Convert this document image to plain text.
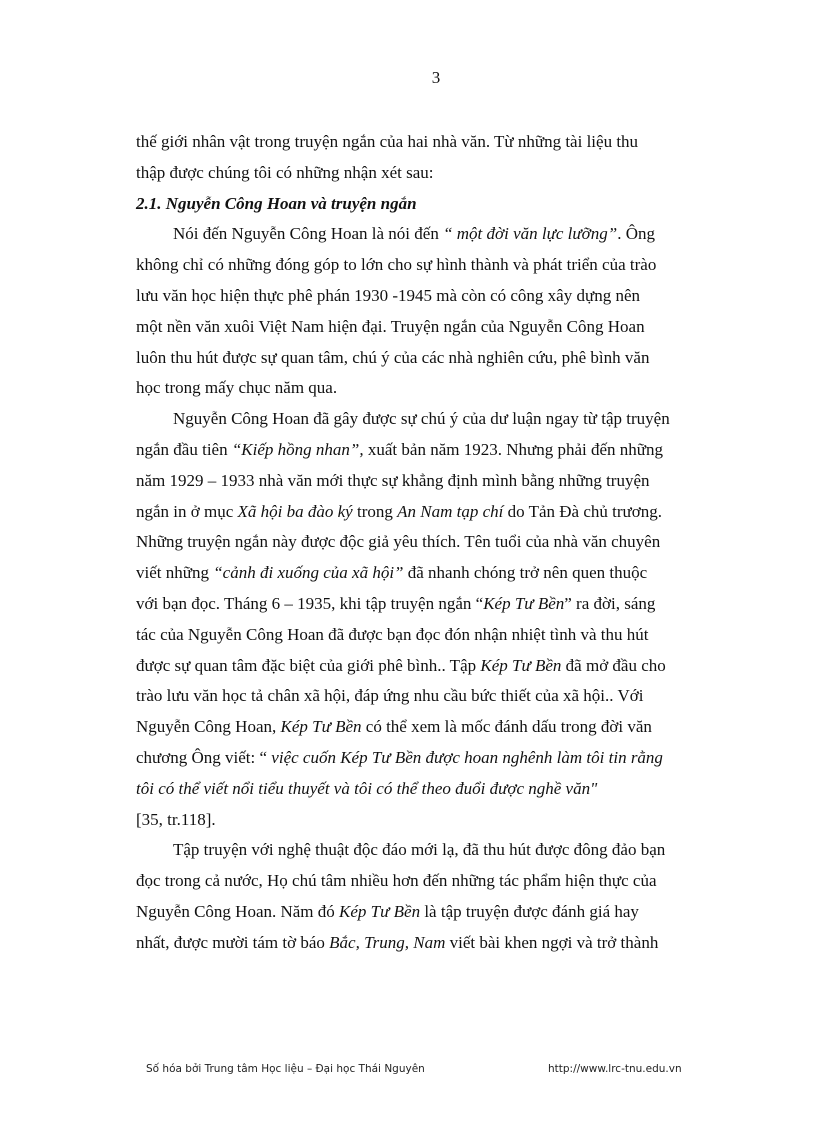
3
thế giới nhân vật trong truyện ngắn của hai nhà văn. Từ những tài liệu thu
thập được chúng tôi có những nhận xét sau:
2.1. Nguyễn Công Hoan và truyện ngắn
Nói đến Nguyễn Công Hoan là nói đến “ một đời văn lực lưỡng”. Ông
không chỉ có những đóng góp to lớn cho sự hình thành và phát triển của trào
lưu văn học hiện thực phê phán 1930 -1945 mà còn có công xây dựng nên
một nền văn xuôi Việt Nam hiện đại. Truyện ngắn của Nguyễn Công Hoan
luôn thu hút được sự quan tâm, chú ý của các nhà nghiên cứu, phê bình văn
học trong mấy chục năm qua.
Nguyễn Công Hoan đã gây được sự chú ý của dư luận ngay từ tập truyện
ngắn đầu tiên “Kiếp hồng nhan”, xuất bản năm 1923. Nhưng phải đến những
năm 1929 – 1933 nhà văn mới thực sự khẳng định mình bằng những truyện
ngắn in ở mục Xã hội ba đào ký trong An Nam tạp chí do Tản Đà chủ trương.
Những truyện ngắn này được độc giả yêu thích. Tên tuổi của nhà văn chuyên
viết những “cảnh đi xuống của xã hội” đã nhanh chóng trở nên quen thuộc
với bạn đọc. Tháng 6 – 1935, khi tập truyện ngắn “Kép Tư Bền” ra đời, sáng
tác của Nguyễn Công Hoan đã được bạn đọc đón nhận nhiệt tình và thu hút
được sự quan tâm đặc biệt của giới phê bình.. Tập Kép Tư Bền đã mở đầu cho
trào lưu văn học tả chân xã hội, đáp ứng nhu cầu bức thiết của xã hội.. Với
Nguyễn Công Hoan, Kép Tư Bền có thể xem là mốc đánh dấu trong đời văn
chương Ông viết: “ việc cuốn Kép Tư Bền được hoan nghênh làm tôi tin rằng
tôi có thể viết nổi tiểu thuyết và tôi có thể theo đuổi được nghề văn"
[35, tr.118].
Tập truyện với nghệ thuật độc đáo mới lạ, đã thu hút được đông đảo bạn
đọc trong cả nước, Họ chú tâm nhiều hơn đến những tác phẩm hiện thực của
Nguyễn Công Hoan. Năm đó Kép Tư Bền là tập truyện được đánh giá hay
nhất, được mười tám tờ báo Bắc, Trung, Nam viết bài khen ngợi và trở thành
Số hóa bởi Trung tâm Học liệu – Đại học Thái Nguyên	http://www.lrc-tnu.edu.vn
